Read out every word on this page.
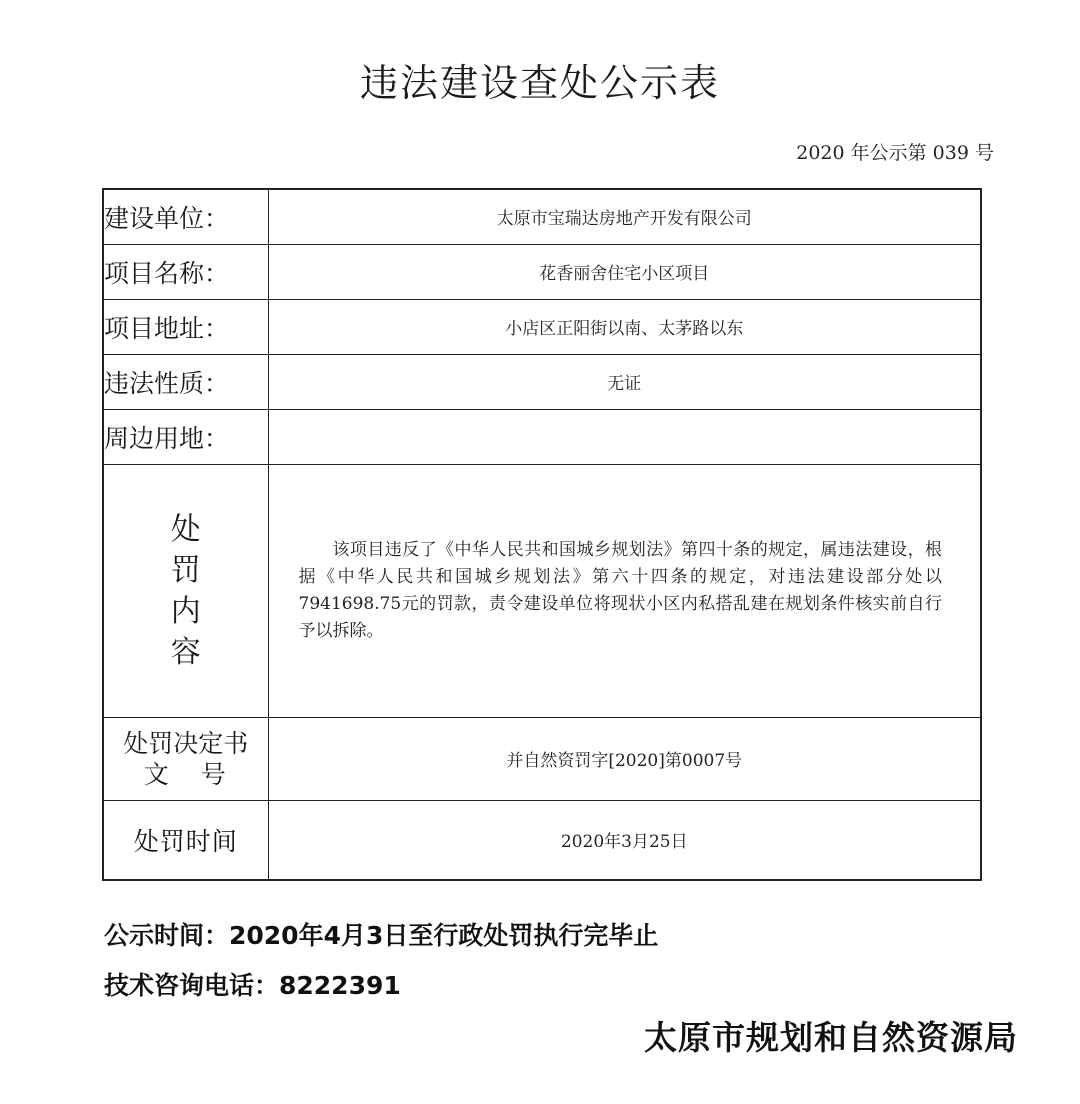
违法建设查处公示表
2020 年公示第 039 号
建设单位：	太原市宝瑞达房地产开发有限公司
项目名称：	花香丽舍住宅小区项目
项目地址：	小店区正阳街以南、太茅路以东
违法性质：	无证
周边用地：	

处
罚
内
容	该项目违反了《中华人民共和国城乡规划法》第四十条的规定，属违法建设，根据《中华人民共和国城乡规划法》第六十四条的规定，对违法建设部分处以7941698.75元的罚款，责令建设单位将现状小区内私搭乱建在规划条件核实前自行予以拆除。

处罚决定书
文号	并自然资罚字[2020]第0007号
处罚时间	2020年3月25日
公示时间：2020年4月3日至行政处罚执行完毕止
技术咨询电话：8222391
太原市规划和自然资源局
